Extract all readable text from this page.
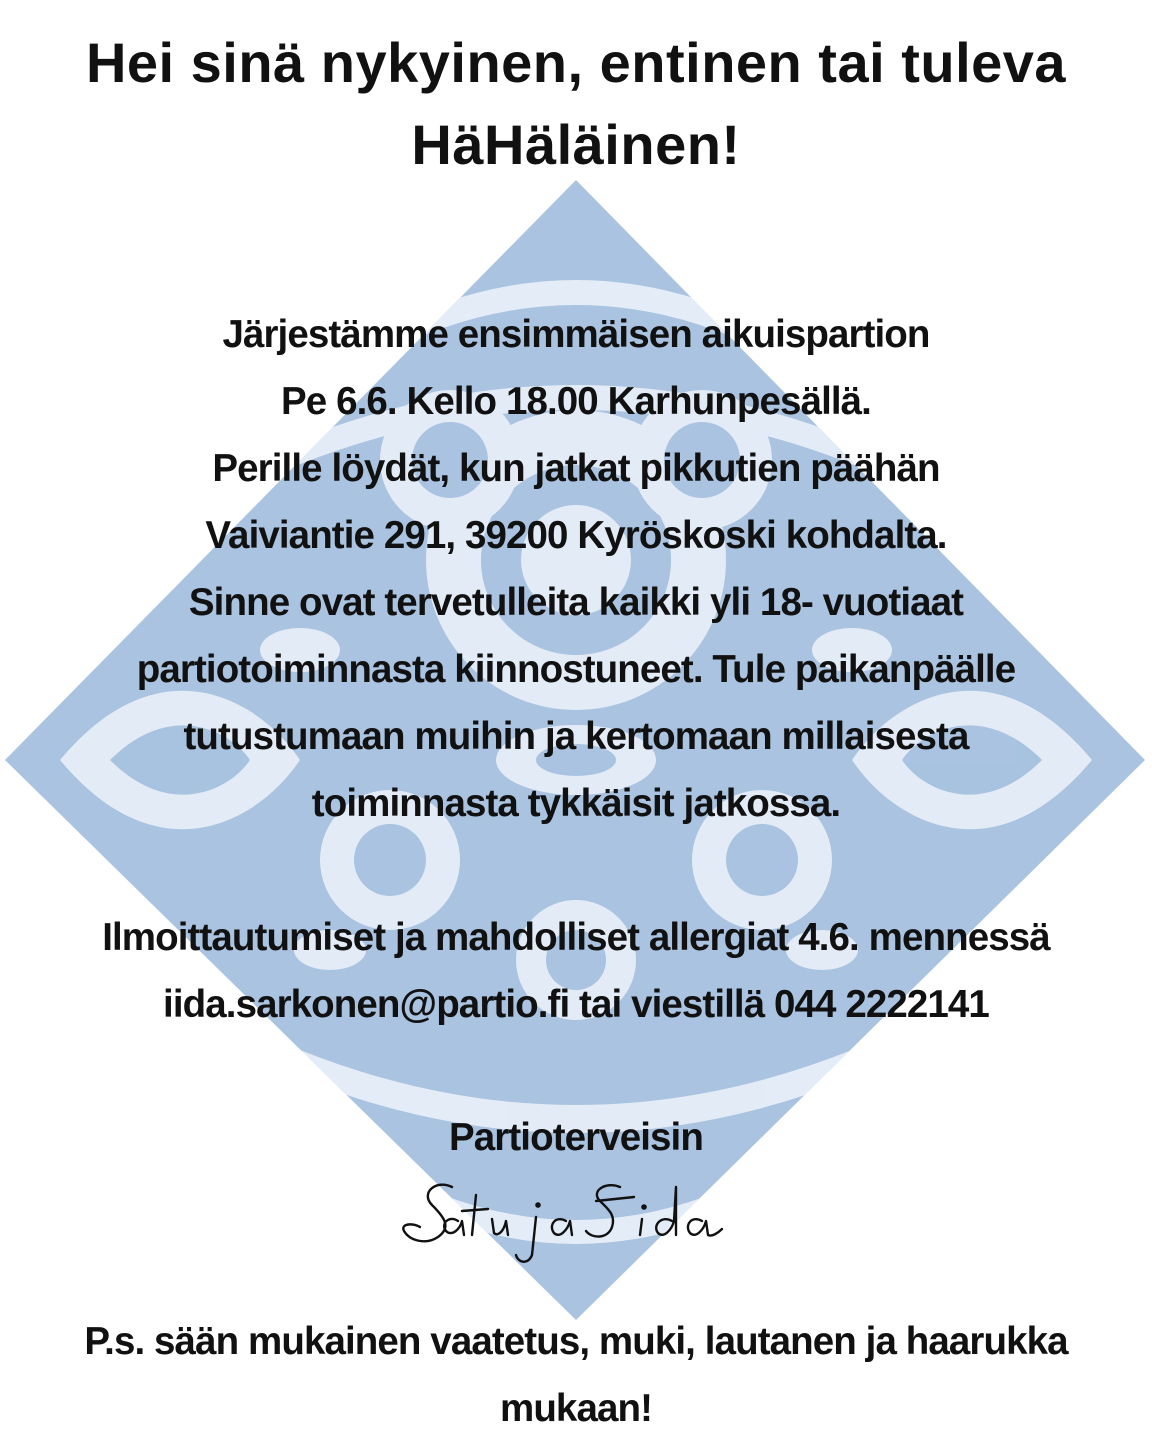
Hei sinä nykyinen, entinen tai tuleva
HäHäläinen!

Järjestämme ensimmäisen aikuispartion

Pe 6.6. Kello 18.00 Karhunpesällä.

Perille löydät, kun jatkat pikkutien päähän

Vaiviantie 291, 39200 Kyröskoski kohdalta.

Sinne ovat tervetulleita kaikki yli 18- vuotiaat

partiotoiminnasta kiinnostuneet. Tule paikanpäälle

tutustumaan muihin ja kertomaan millaisesta

toiminnasta tykkäisit jatkossa.

Ilmoittautumiset ja mahdolliset allergiat 4.6. mennessä

iida.sarkonen@partio.fi tai viestillä 044 2222141

Partioterveisin

P.s. sään mukainen vaatetus, muki, lautanen ja haarukka

mukaan!
